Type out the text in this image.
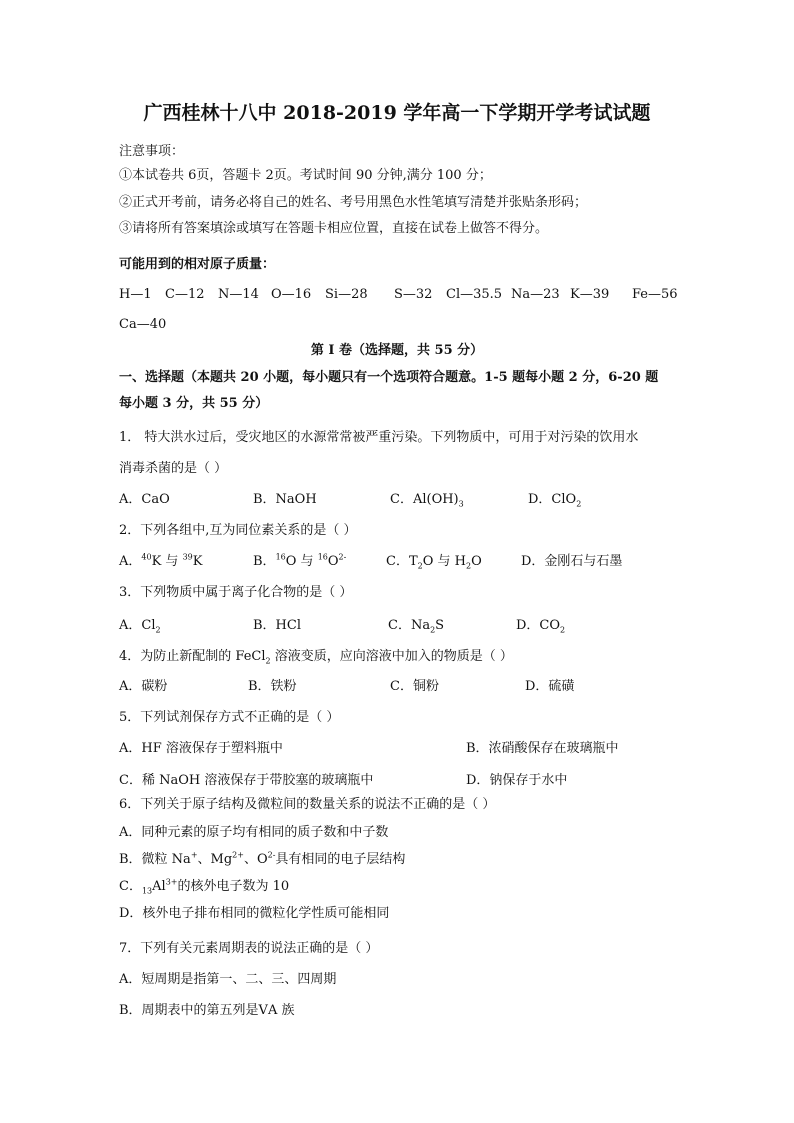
广西桂林十八中 2018-2019 学年高一下学期开学考试试题
注意事项：
①本试卷共 6页，答题卡 2页。考试时间 90 分钟,满分 100 分；
②正式开考前，请务必将自己的姓名、考号用黑色水性笔填写清楚并张贴条形码；
③请将所有答案填涂或填写在答题卡相应位置，直接在试卷上做答不得分。
可能用到的相对原子质量：
H—1 C—12 N—14 O—16 Si—28 S—32 Cl—35.5 Na—23 K—39 Fe—56
Ca—40
第 I 卷（选择题，共 55 分）
一、选择题（本题共 20 小题，每小题只有一个选项符合题意。1-5 题每小题 2 分，6-20 题
每小题 3 分，共 55 分）
1． 特大洪水过后，受灾地区的水源常常被严重污染。下列物质中，可用于对污染的饮用水
消毒杀菌的是（ ）
A．CaO	B．NaOH	C．$Al(OH)_3$	D．ClO$_2$
2．下列各组中,互为同位素关系的是（ ）
A．$^{40}$K 与 $^{39}$K	B．$^{16}$O 与 $^{16}O^{2-}$	C．$T_2O$ 与 $H_2O$	D．金刚石与石墨
3．下列物质中属于离子化合物的是（ ）
A．$Cl_2$	B．HCl	C．$Na_2S$	D．$CO_2$
4．为防止新配制的 FeCl$_2$ 溶液变质，应向溶液中加入的物质是（ ）
A．碳粉	B．铁粉	C．铜粉	D．硫磺
5．下列试剂保存方式不正确的是（ ）
A．HF 溶液保存于塑料瓶中	B．浓硝酸保存在玻璃瓶中
C．稀 NaOH 溶液保存于带胶塞的玻璃瓶中	D．钠保存于水中
6．下列关于原子结构及微粒间的数量关系的说法不正确的是（ ）
A．同种元素的原子均有相同的质子数和中子数
B．微粒 Na+、$Mg^{2+}$、$O^{2-}$具有相同的电子层结构
C．$_{13}Al^{3+}$的核外电子数为 10
D．核外电子排布相同的微粒化学性质可能相同
7．下列有关元素周期表的说法正确的是（ ）
A．短周期是指第一、二、三、四周期
B．周期表中的第五列是ⅤA 族
